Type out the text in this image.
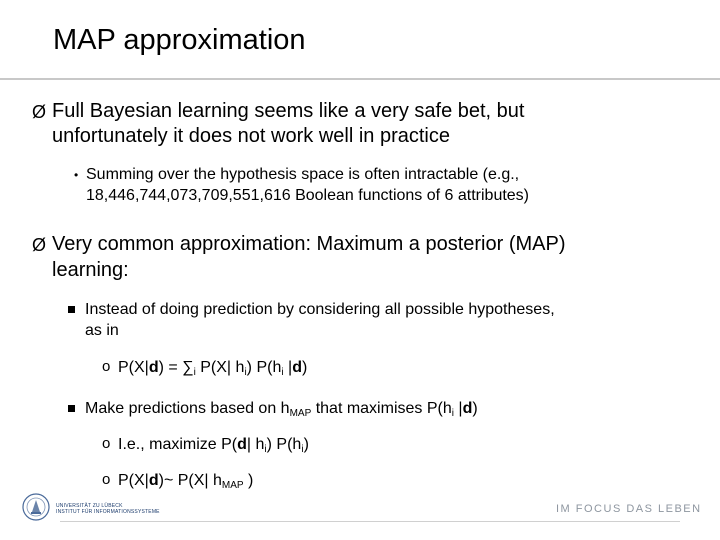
MAP approximation
Ø Full Bayesian learning seems like a very safe bet, but
unfortunately it does not work well in practice
• Summing over the hypothesis space is often intractable (e.g.,
18,446,744,073,709,551,616 Boolean functions of 6 attributes)
Ø Very common approximation: Maximum a posterior (MAP)
learning:
Instead of doing prediction by considering all possible hypotheses,
as in
o P(X|d) = ∑i P(X| hi) P(hi |d)
Make predictions based on hMAP that maximises P(hi |d)
o I.e., maximize P(d| hi) P(hi)
o P(X|d)~ P(X| hMAP )
UNIVERSITÄT ZU LÜBECK
INSTITUT FÜR INFORMATIONSSYSTEME	IM FOCUS DAS LEBEN
